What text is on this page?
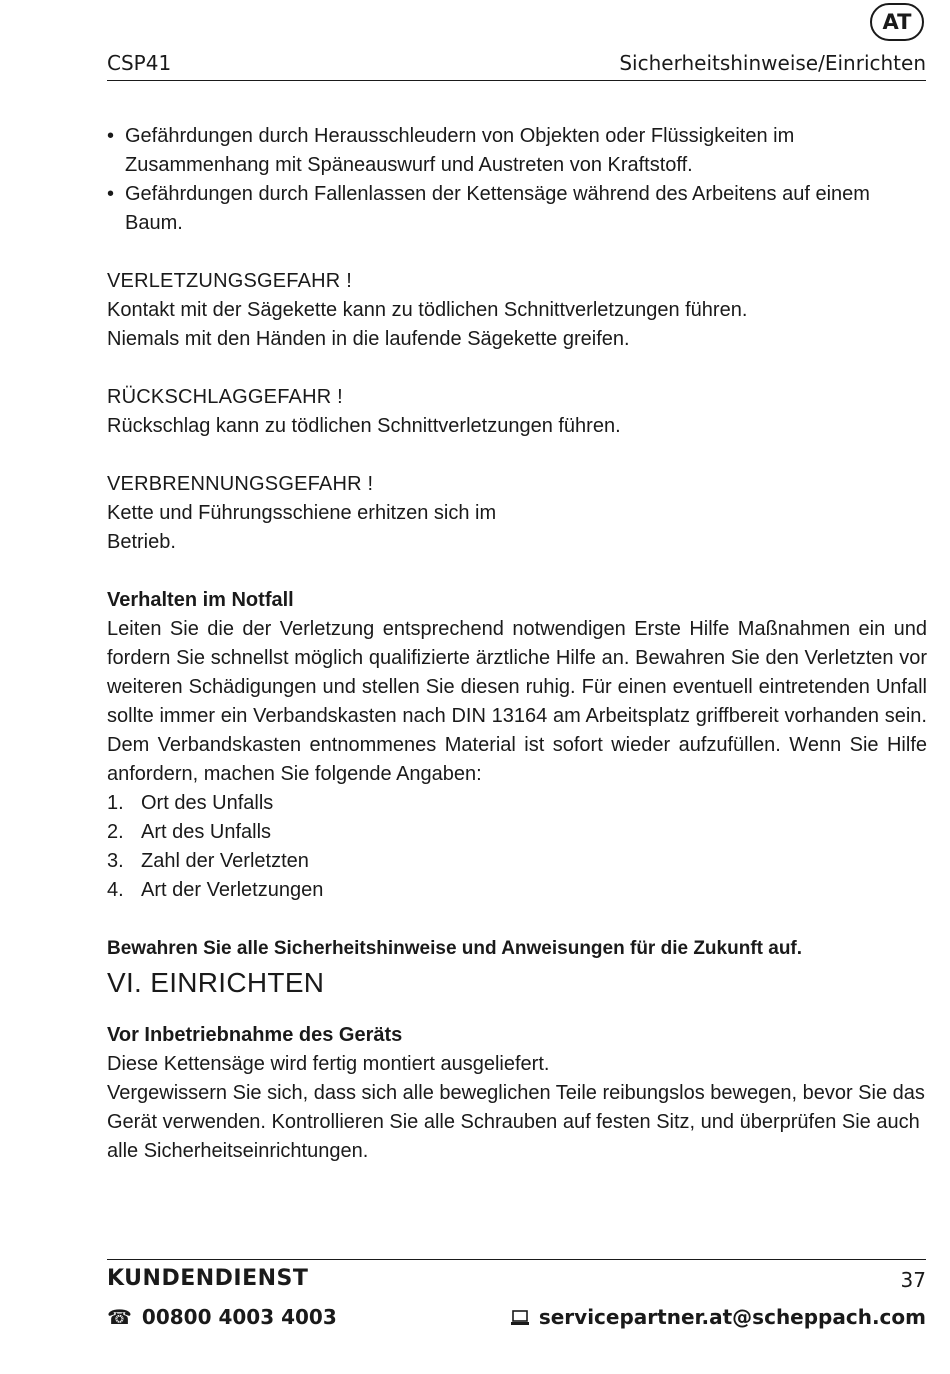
AT
CSP41	Sicherheitshinweise/Einrichten

• Gefährdungen durch Herausschleudern von Objekten oder Flüssigkeiten im Zusammenhang mit Späneauswurf und Austreten von Kraftstoff.

• Gefährdungen durch Fallenlassen der Kettensäge während des Arbeitens auf einem Baum.

VERLETZUNGSGEFAHR !

Kontakt mit der Sägekette kann zu tödlichen Schnittverletzungen führen.

Niemals mit den Händen in die laufende Sägekette greifen.

RÜCKSCHLAGGEFAHR !

Rückschlag kann zu tödlichen Schnittverletzungen führen.

VERBRENNUNGSGEFAHR !

Kette und Führungsschiene erhitzen sich im

Betrieb.

Verhalten im Notfall

Leiten Sie die der Verletzung entsprechend notwendigen Erste Hilfe Maßnahmen ein und fordern Sie schnellst möglich qualifizierte ärztliche Hilfe an. Bewahren Sie den Verletzten vor weiteren Schädigungen und stellen Sie diesen ruhig. Für einen eventuell eintretenden Unfall sollte immer ein Verbandskasten nach DIN 13164 am Arbeitsplatz griffbereit vorhanden sein. Dem Verbandskasten entnommenes Material ist sofort wieder aufzufüllen. Wenn Sie Hilfe anfordern, machen Sie folgende Angaben:

1. Ort des Unfalls
2. Art des Unfalls
3. Zahl der Verletzten
4. Art der Verletzungen

Bewahren Sie alle Sicherheitshinweise und Anweisungen für die Zukunft auf.

VI. EINRICHTEN

Vor Inbetriebnahme des Geräts

Diese Kettensäge wird fertig montiert ausgeliefert.

Vergewissern Sie sich, dass sich alle beweglichen Teile reibungslos bewegen, bevor Sie das Gerät verwenden. Kontrollieren Sie alle Schrauben auf festen Sitz, und überprüfen Sie auch alle Sicherheitseinrichtungen.

KUNDENDIENST	37
☎ 00800 4003 4003	servicepartner.at@scheppach.com
